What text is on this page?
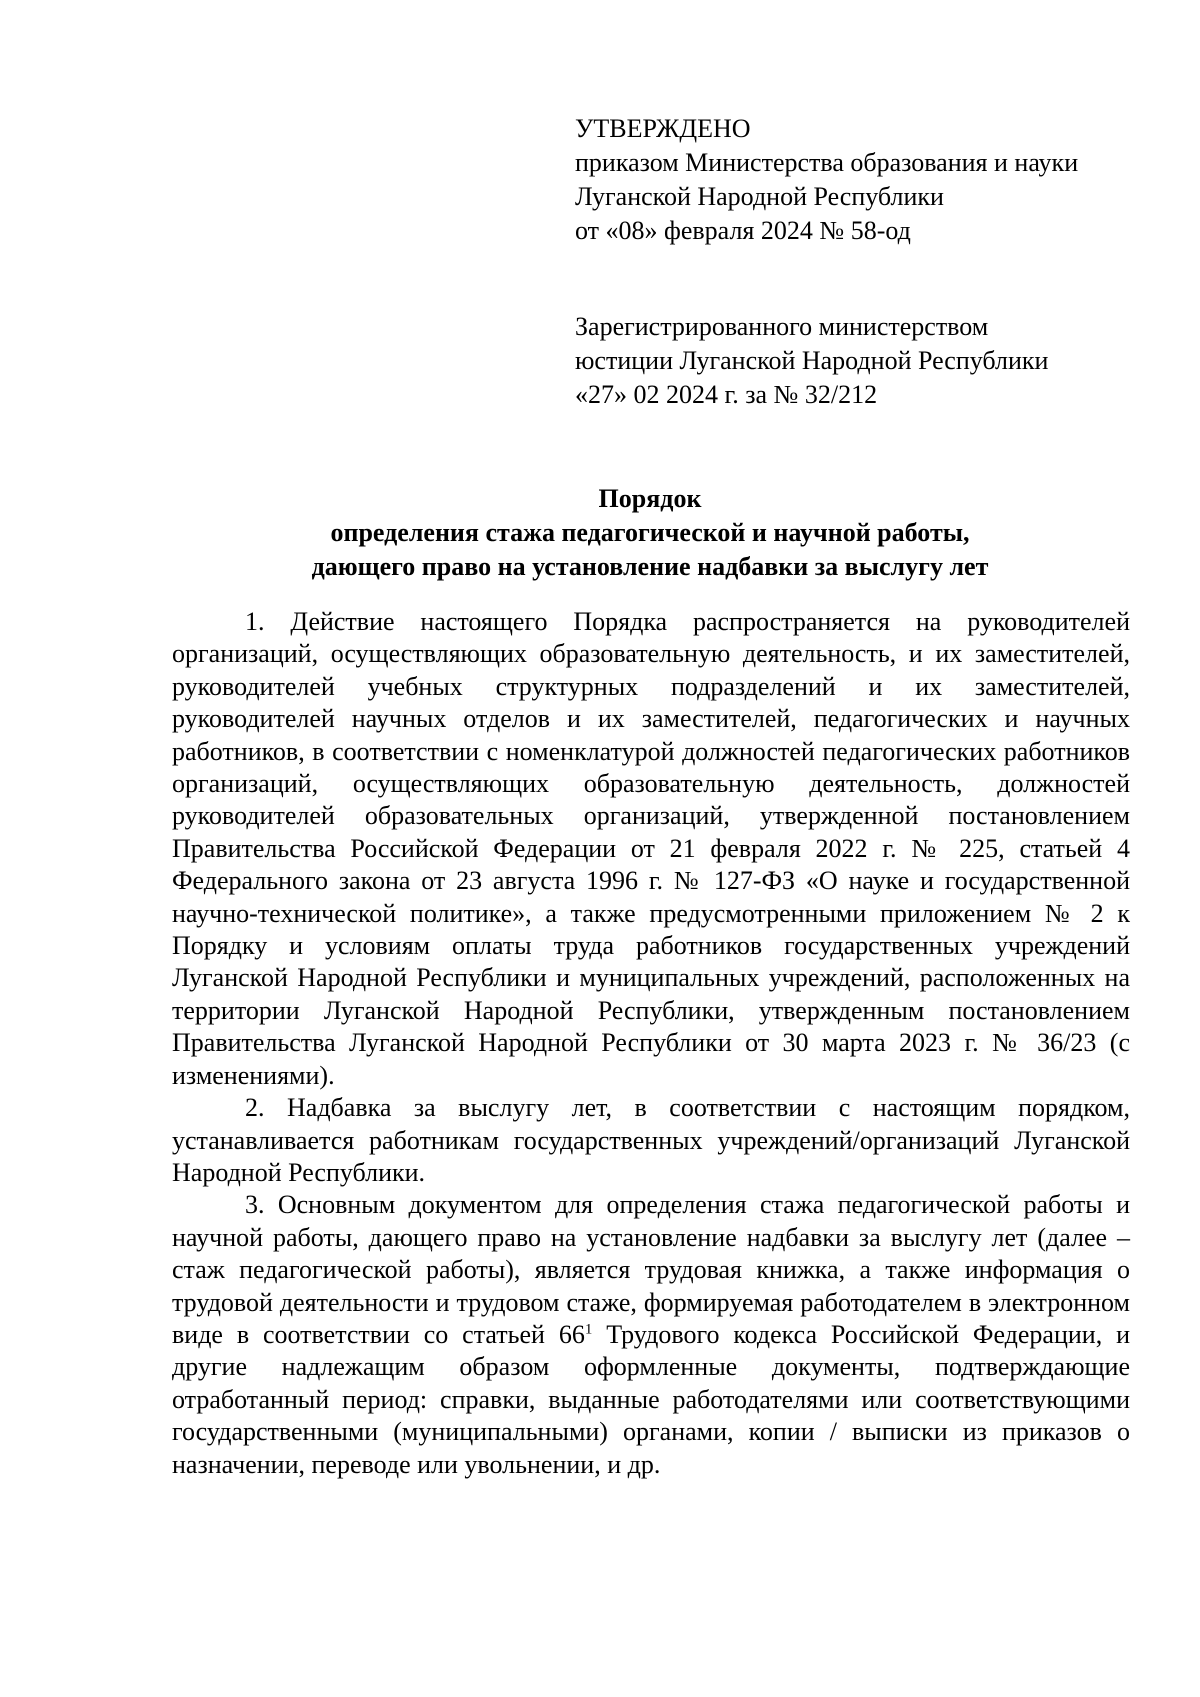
УТВЕРЖДЕНО
приказом Министерства образования и науки
Луганской Народной Республики
от «08» февраля 2024 № 58-од
Зарегистрированного министерством
юстиции Луганской Народной Республики
«27» 02 2024 г. за № 32/212
Порядок
определения стажа педагогической и научной работы,
дающего право на установление надбавки за выслугу лет

1. Действие настоящего Порядка распространяется на руководителей организаций, осуществляющих образовательную деятельность, и их заместителей, руководителей учебных структурных подразделений и их заместителей, руководителей научных отделов и их заместителей, педагогических и научных работников, в соответствии с номенклатурой должностей педагогических работников организаций, осуществляющих образовательную деятельность, должностей руководителей образовательных организаций, утвержденной постановлением Правительства Российской Федерации от 21 февраля 2022 г. № 225, статьей 4 Федерального закона от 23 августа 1996 г. № 127-ФЗ «О науке и государственной научно-технической политике», а также предусмотренными приложением № 2 к Порядку и условиям оплаты труда работников государственных учреждений Луганской Народной Республики и муниципальных учреждений, расположенных на территории Луганской Народной Республики, утвержденным постановлением Правительства Луганской Народной Республики от 30 марта 2023 г. № 36/23 (с изменениями).

2. Надбавка за выслугу лет, в соответствии с настоящим порядком, устанавливается работникам государственных учреждений/организаций Луганской Народной Республики.

3. Основным документом для определения стажа педагогической работы и научной работы, дающего право на установление надбавки за выслугу лет (далее – стаж педагогической работы), является трудовая книжка, а также информация о трудовой деятельности и трудовом стаже, формируемая работодателем в электронном виде в соответствии со статьей $66^1$ Трудового кодекса Российской Федерации, и другие надлежащим образом оформленные документы, подтверждающие отработанный период: справки, выданные работодателями или соответствующими государственными (муниципальными) органами, копии / выписки из приказов о назначении, переводе или увольнении, и др.
